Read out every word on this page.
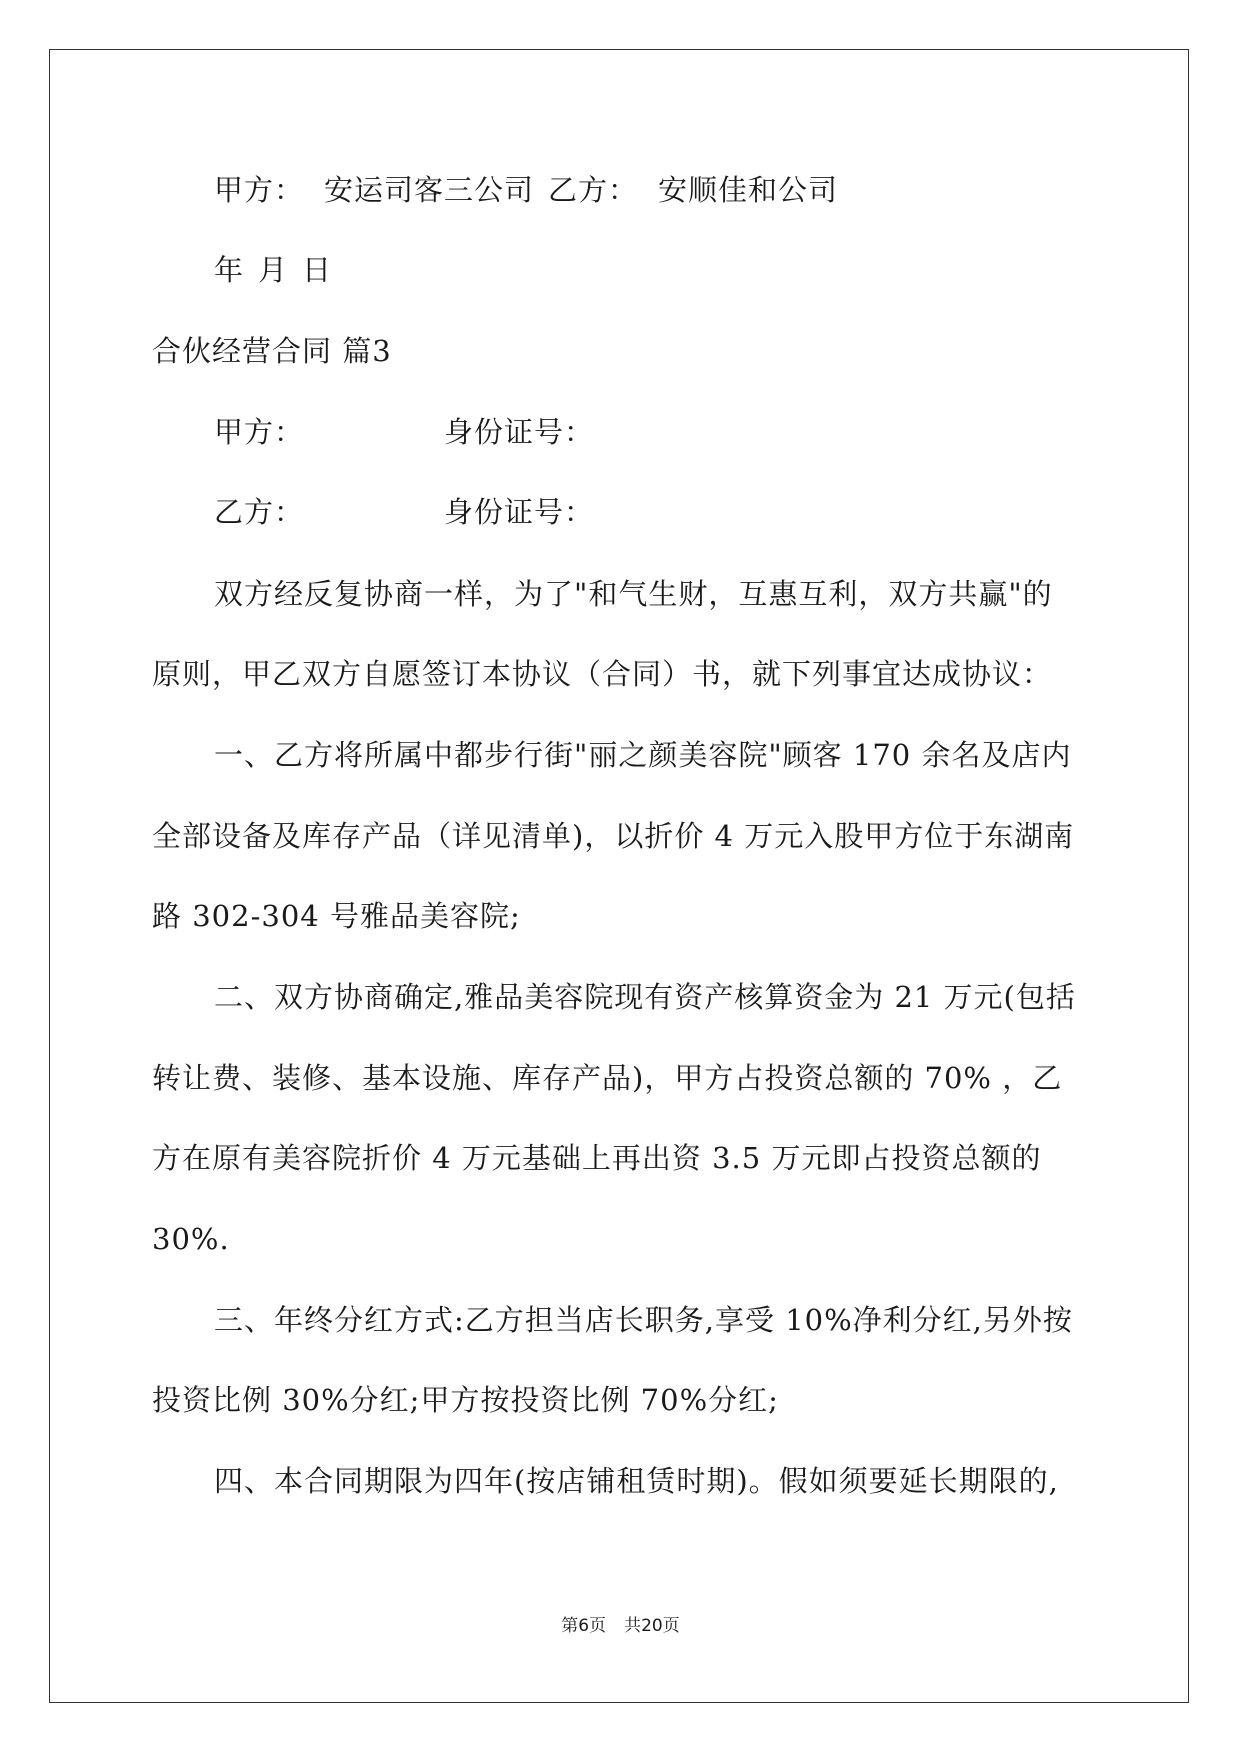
甲方： 安运司客三公司 乙方： 安顺佳和公司
年 月 日
合伙经营合同 篇3
甲方：	身份证号：
乙方：	身份证号：
双方经反复协商一样，为了"和气生财，互惠互利，双方共赢"的
原则，甲乙双方自愿签订本协议（合同）书，就下列事宜达成协议：
一、乙方将所属中都步行街"丽之颜美容院"顾客 170 余名及店内
全部设备及库存产品（详见清单)，以折价 4 万元入股甲方位于东湖南
路 302-304 号雅品美容院;
二、双方协商确定,雅品美容院现有资产核算资金为 21 万元(包括
转让费、装修、基本设施、库存产品)，甲方占投资总额的 70% ，乙
方在原有美容院折价 4 万元基础上再出资 3.5 万元即占投资总额的
30%.
三、年终分红方式:乙方担当店长职务,享受 10%净利分红,另外按
投资比例 30%分红;甲方按投资比例 70%分红;
四、本合同期限为四年(按店铺租赁时期)。假如须要延长期限的,
第6页 共20页
